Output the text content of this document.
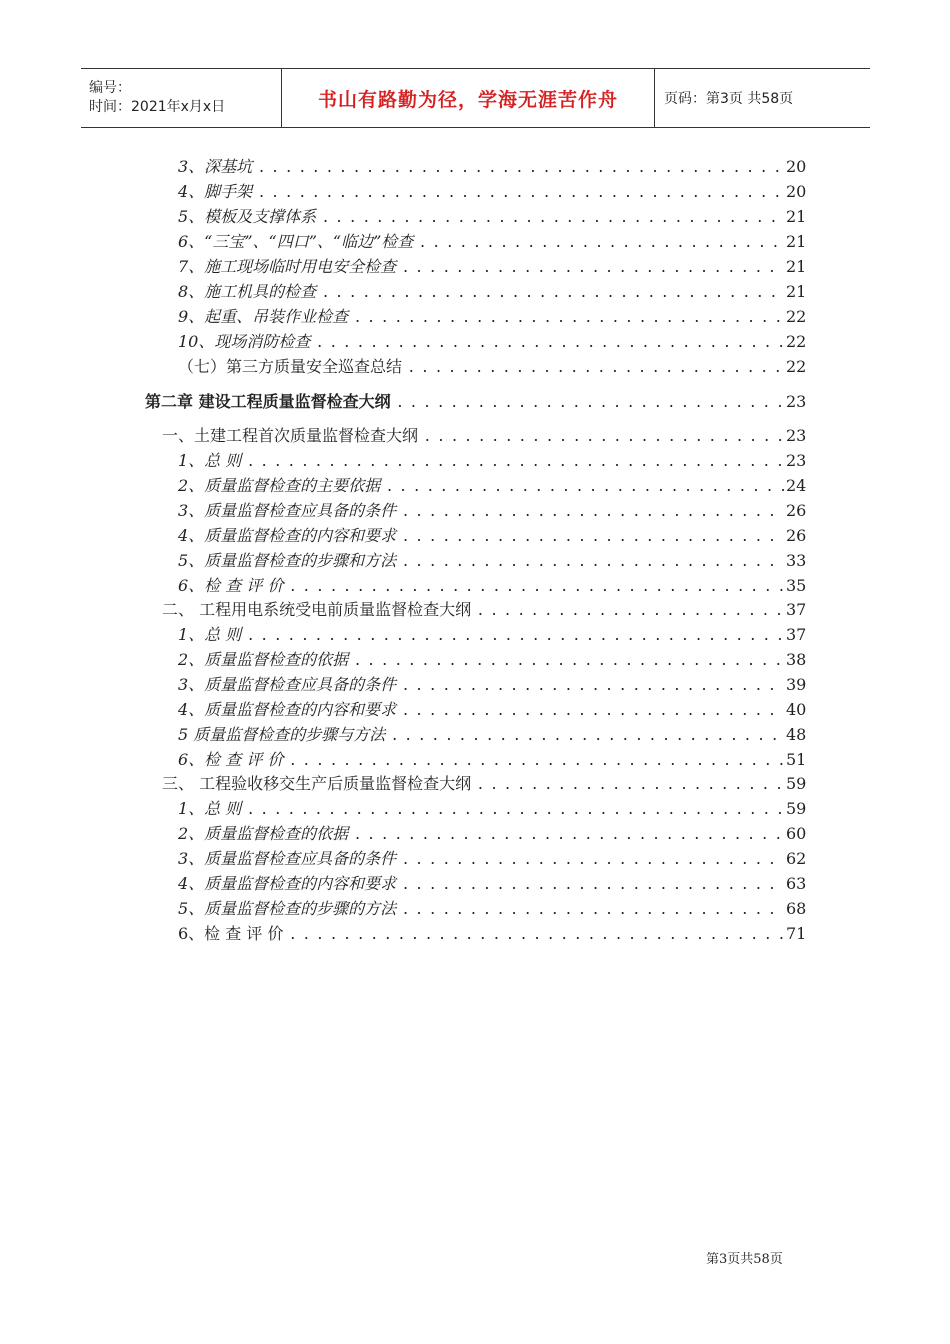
编号：
时间：2021年x月x日	书山有路勤为径，学海无涯苦作舟	页码：第3页 共58页
3、深基坑 . . .	20
4、脚手架 . . .	20
5、模板及支撑体系 . . .	21
6、“三宝”、“四口”、“临边”检查 . . .	21
7、施工现场临时用电安全检查 . . .	21
8、施工机具的检查 . . .	21
9、起重、吊装作业检查 . . .	22
10、现场消防检查 . . .	22
（七）第三方质量安全巡查总结 . . .	22
第二章 建设工程质量监督检查大纲 . . .	23
一、土建工程首次质量监督检查大纲 . . .	23
1、总 则 . . .	23
2、质量监督检查的主要依据 . . .	24
3、质量监督检查应具备的条件 . . .	26
4、质量监督检查的内容和要求 . . .	26
5、质量监督检查的步骤和方法 . . .	33
6、检 查 评 价 . . .	35
二、 工程用电系统受电前质量监督检查大纲 . . .	37
1、总 则 . . .	37
2、质量监督检查的依据 . . .	38
3、质量监督检查应具备的条件 . . .	39
4、质量监督检查的内容和要求 . . .	40
5 质量监督检查的步骤与方法 . . .	48
6、检 查 评 价 . . .	51
三、 工程验收移交生产后质量监督检查大纲 . . .	59
1、总 则 . . .	59
2、质量监督检查的依据 . . .	60
3、质量监督检查应具备的条件 . . .	62
4、质量监督检查的内容和要求 . . .	63
5、质量监督检查的步骤的方法 . . .	68
6、检 查 评 价 . . .	71
第3页共58页
